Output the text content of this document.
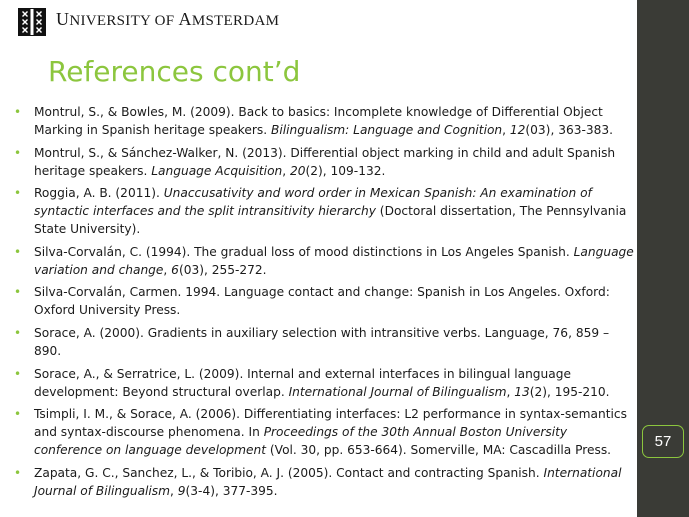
UNIVERSITY OF AMSTERDAM
References cont’d
• Montrul, S., & Bowles, M. (2009). Back to basics: Incomplete knowledge of Differential Object Marking in Spanish heritage speakers. Bilingualism: Language and Cognition, 12(03), 363-383.
• Montrul, S., & Sánchez-Walker, N. (2013). Differential object marking in child and adult Spanish heritage speakers. Language Acquisition, 20(2), 109-132.
• Roggia, A. B. (2011). Unaccusativity and word order in Mexican Spanish: An examination of syntactic interfaces and the split intransitivity hierarchy (Doctoral dissertation, The Pennsylvania State University).
• Silva-Corvalán, C. (1994). The gradual loss of mood distinctions in Los Angeles Spanish. Language variation and change, 6(03), 255-272.
• Silva-Corvalán, Carmen. 1994. Language contact and change: Spanish in Los Angeles. Oxford: Oxford University Press.
• Sorace, A. (2000). Gradients in auxiliary selection with intransitive verbs. Language, 76, 859 – 890.
• Sorace, A., & Serratrice, L. (2009). Internal and external interfaces in bilingual language development: Beyond structural overlap. International Journal of Bilingualism, 13(2), 195-210.
• Tsimpli, I. M., & Sorace, A. (2006). Differentiating interfaces: L2 performance in syntax-semantics and syntax-discourse phenomena. In Proceedings of the 30th Annual Boston University conference on language development (Vol. 30, pp. 653-664). Somerville, MA: Cascadilla Press.
• Zapata, G. C., Sanchez, L., & Toribio, A. J. (2005). Contact and contracting Spanish. International Journal of Bilingualism, 9(3-4), 377-395.
57
